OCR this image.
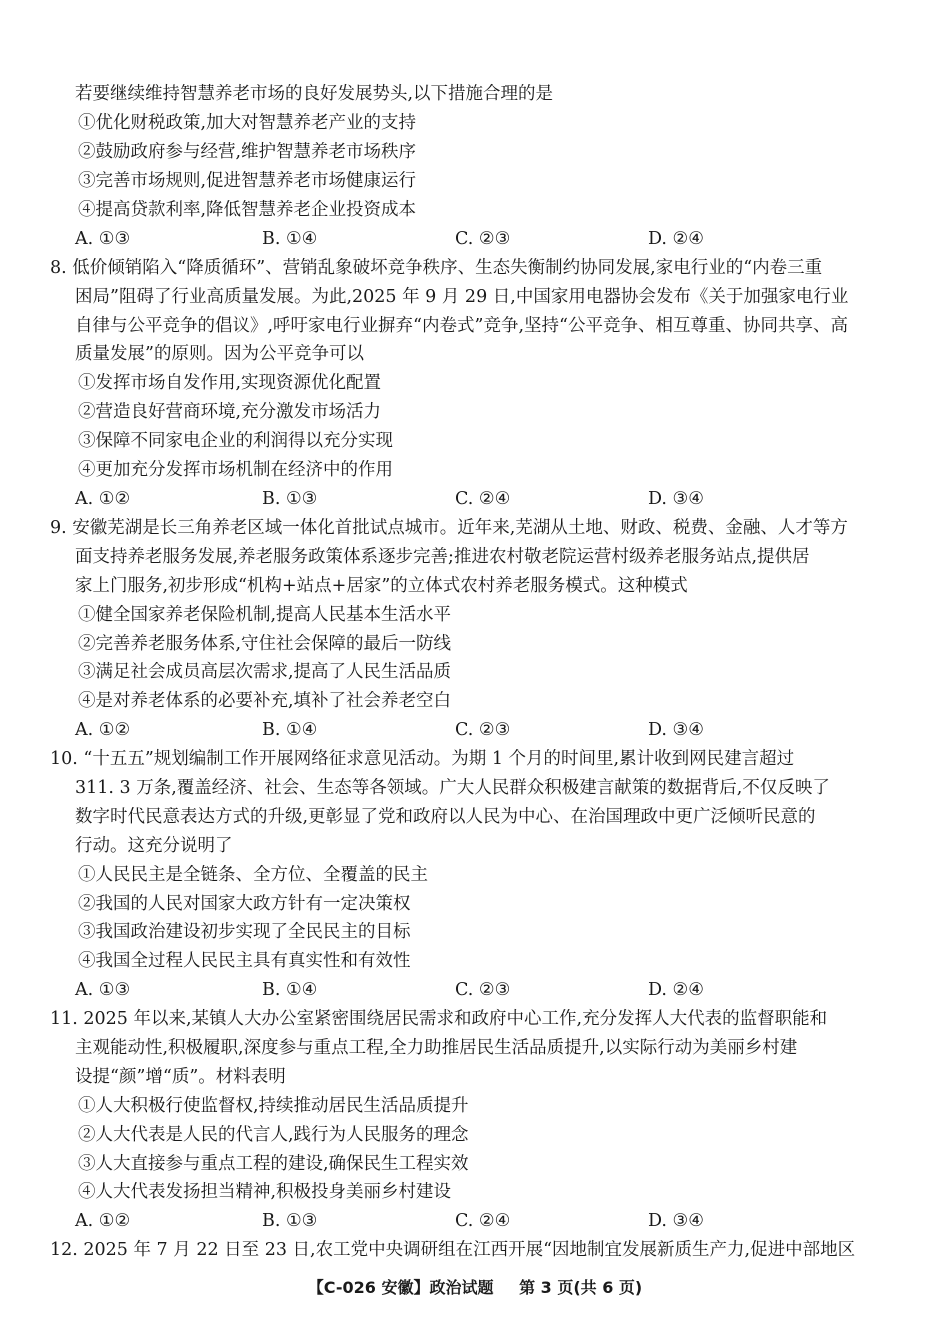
若要继续维持智慧养老市场的良好发展势头,以下措施合理的是
①优化财税政策,加大对智慧养老产业的支持
②鼓励政府参与经营,维护智慧养老市场秩序
③完善市场规则,促进智慧养老市场健康运行
④提高贷款利率,降低智慧养老企业投资成本
A. ①③	B. ①④	C. ②③	D. ②④
8. 低价倾销陷入“降质循环”、营销乱象破坏竞争秩序、生态失衡制约协同发展,家电行业的“内卷三重
困局”阻碍了行业高质量发展。为此,2025 年 9 月 29 日,中国家用电器协会发布《关于加强家电行业
自律与公平竞争的倡议》,呼吁家电行业摒弃“内卷式”竞争,坚持“公平竞争、相互尊重、协同共享、高
质量发展”的原则。因为公平竞争可以
①发挥市场自发作用,实现资源优化配置
②营造良好营商环境,充分激发市场活力
③保障不同家电企业的利润得以充分实现
④更加充分发挥市场机制在经济中的作用
A. ①②	B. ①③	C. ②④	D. ③④
9. 安徽芜湖是长三角养老区域一体化首批试点城市。近年来,芜湖从土地、财政、税费、金融、人才等方
面支持养老服务发展,养老服务政策体系逐步完善;推进农村敬老院运营村级养老服务站点,提供居
家上门服务,初步形成“机构+站点+居家”的立体式农村养老服务模式。这种模式
①健全国家养老保险机制,提高人民基本生活水平
②完善养老服务体系,守住社会保障的最后一防线
③满足社会成员高层次需求,提高了人民生活品质
④是对养老体系的必要补充,填补了社会养老空白
A. ①②	B. ①④	C. ②③	D. ③④
10. “十五五”规划编制工作开展网络征求意见活动。为期 1 个月的时间里,累计收到网民建言超过
311. 3 万条,覆盖经济、社会、生态等各领域。广大人民群众积极建言献策的数据背后,不仅反映了
数字时代民意表达方式的升级,更彰显了党和政府以人民为中心、在治国理政中更广泛倾听民意的
行动。这充分说明了
①人民民主是全链条、全方位、全覆盖的民主
②我国的人民对国家大政方针有一定决策权
③我国政治建设初步实现了全民民主的目标
④我国全过程人民民主具有真实性和有效性
A. ①③	B. ①④	C. ②③	D. ②④
11. 2025 年以来,某镇人大办公室紧密围绕居民需求和政府中心工作,充分发挥人大代表的监督职能和
主观能动性,积极履职,深度参与重点工程,全力助推居民生活品质提升,以实际行动为美丽乡村建
设提“颜”增“质”。材料表明
①人大积极行使监督权,持续推动居民生活品质提升
②人大代表是人民的代言人,践行为人民服务的理念
③人大直接参与重点工程的建设,确保民生工程实效
④人大代表发扬担当精神,积极投身美丽乡村建设
A. ①②	B. ①③	C. ②④	D. ③④
12. 2025 年 7 月 22 日至 23 日,农工党中央调研组在江西开展“因地制宜发展新质生产力,促进中部地区
【C-026 安徽】政治试题 第 3 页(共 6 页)
